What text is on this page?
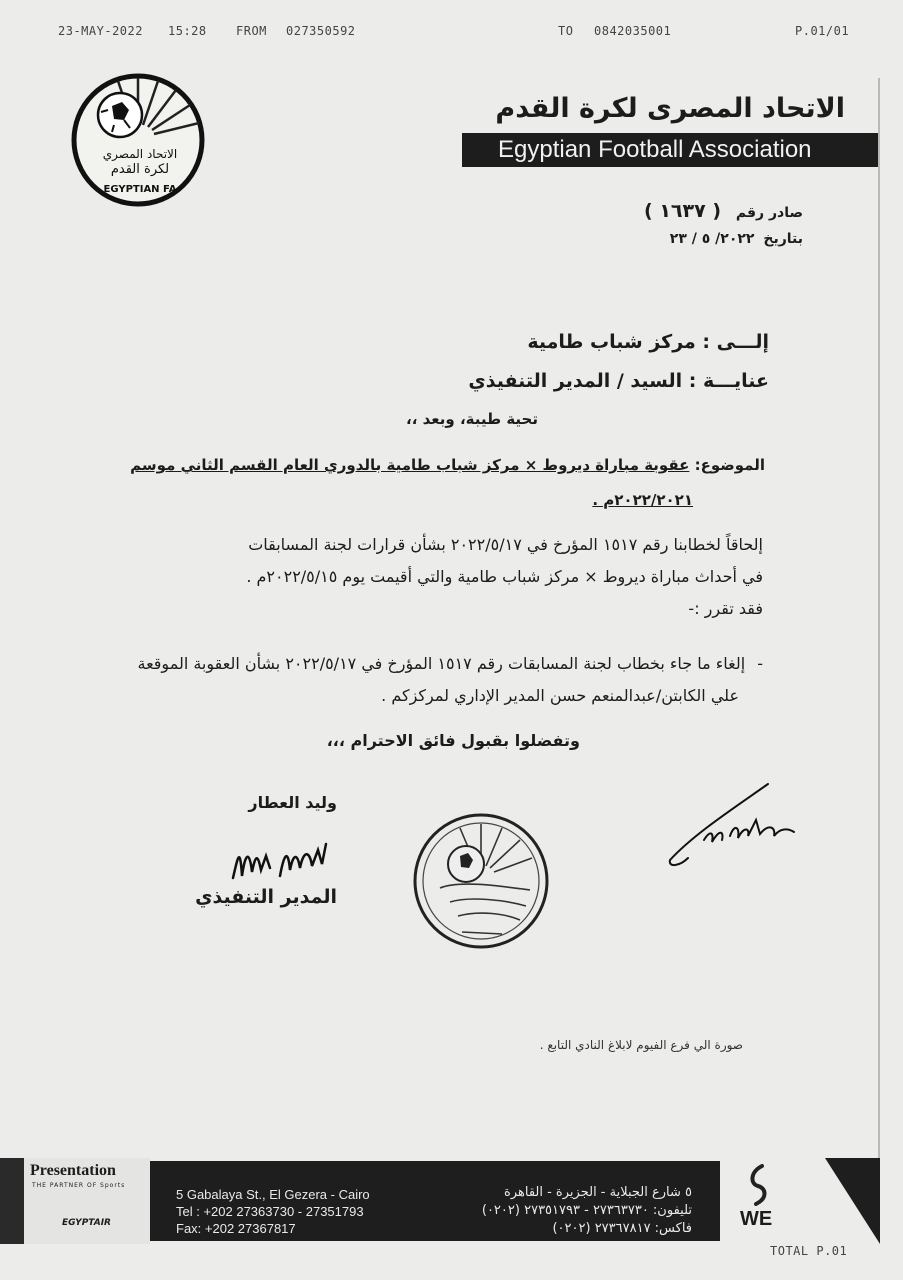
23-MAY-2022 15:28 FROM 027350592	TO 0842035001	P.01/01
الاتحاد المصري
لكرة القدم
EGYPTIAN FA
الاتحاد المصرى لكرة القدم
Egyptian Football Association
صادر رقم ( ١٦٣٧ )
بتاريخ ٢٠٢٢/ ٥ / ٢٣
إلـــى : مركز شباب طامية
عنايـــة : السيد / المدير التنفيذي
تحية طيبة، وبعد ،،
الموضوع: عقوبة مباراة ديروط × مركز شباب طامية بالدوري العام القسم الثاني موسم
٢٠٢٢/٢٠٢١م .
إلحاقاً لخطابنا رقم ١٥١٧ المؤرخ في ٢٠٢٢/٥/١٧ بشأن قرارات لجنة المسابقات
في أحداث مباراة ديروط × مركز شباب طامية والتي أقيمت يوم ٢٠٢٢/٥/١٥م .
فقد تقرر :-
-إلغاء ما جاء بخطاب لجنة المسابقات رقم ١٥١٧ المؤرخ في ٢٠٢٢/٥/١٧ بشأن العقوبة الموقعة
علي الكابتن/عبدالمنعم حسن المدير الإداري لمركزكم .
وتفضلوا بقبول فائق الاحترام ،،،
وليد العطار
المدير التنفيذي
صورة الي فرع الفيوم لابلاغ النادي التابع .
Presentation
THE PARTNER OF Sports
EGYPTAIR
5 Gabalaya St., El Gezera - Cairo
Tel : +202 27363730 - 27351793
Fax: +202 27367817
٥ شارع الجبلاية - الجزيرة - القاهرة
تليفون: ٢٧٣٦٣٧٣٠ - ٢٧٣٥١٧٩٣ (٠٢٠٢)
فاكس: ٢٧٣٦٧٨١٧ (٠٢٠٢) WE
TOTAL P.01
